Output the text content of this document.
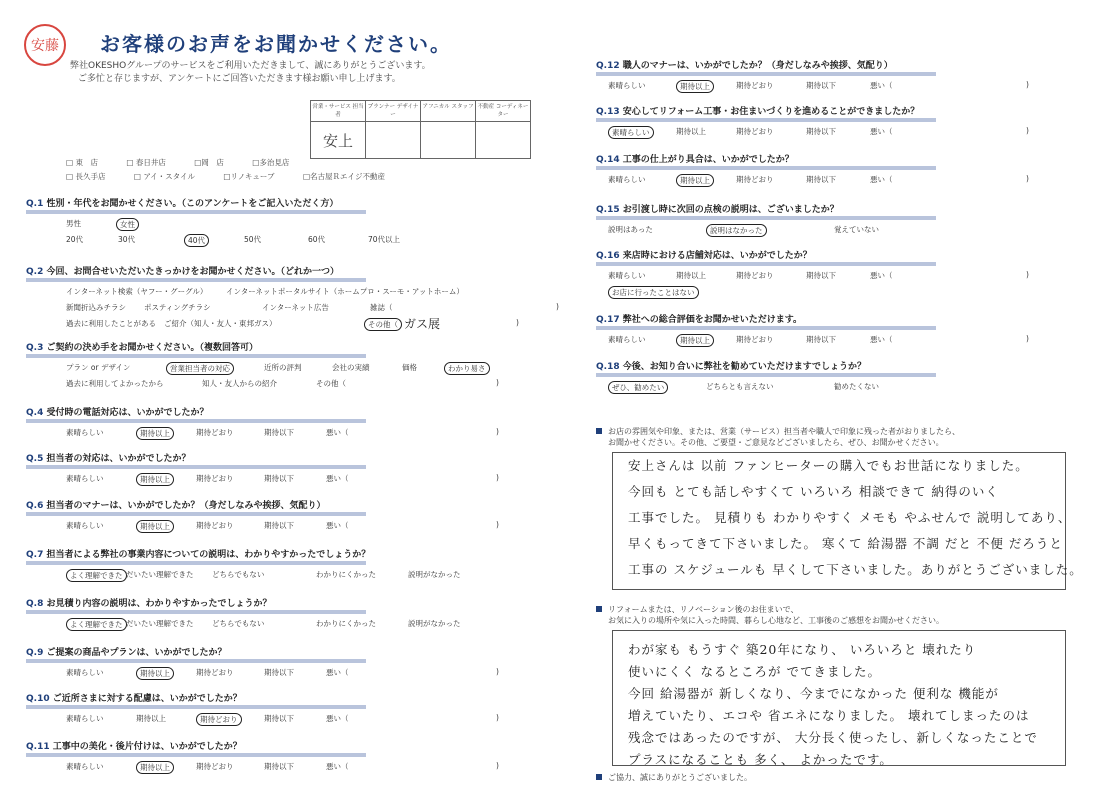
安藤 お客様のお声をお聞かせください。
弊社OKESHOグループのサービスをご利用いただきまして、誠にありがとうございます。
ご多忙と存じますが、アンケートにご回答いただきます様お願い申し上げます。
営業・サービス 担当者	プランナー デザイナー	アフニカル スタッフ	不動産 コーディネーター
安上			
□ 東　店	□ 春日井店	□岡　店	□多治見店
□ 長久手店	□ アイ・スタイル	□リノキューブ	□名古屋Ｒエイジ不動産
Q.1 性別・年代をお聞かせください。（このアンケートをご記入いただく方）
男性	女性
20代	30代	40代	50代	60代	70代以上
Q.2 今回、お問合せいただいたきっかけをお聞かせください。（どれか一つ）
インターネット検索（ヤフー・グーグル） インターネットポータルサイト（ホームプロ・スーモ・アットホーム）
新聞折込みチラシ ポスティングチラシ	インターネット広告	雑誌（	)
過去に利用したことがある ご紹介（知人・友人・東邦ガス）	その他（ ガス展	)
Q.3 ご契約の決め手をお聞かせください。（複数回答可）
プラン or デザイン	営業担当者の対応	近所の評判	会社の実績	価格	わかり易さ
過去に利用してよかったから	知人・友人からの紹介	その他（	)
Q.4 受付時の電話対応は、いかがでしたか？
素晴らしい	期待以上	期待どおり	期待以下	悪い（	)
Q.5 担当者の対応は、いかがでしたか？
素晴らしい	期待以上	期待どおり	期待以下	悪い（	)
Q.6 担当者のマナーは、いかがでしたか？（身だしなみや挨拶、気配り）
素晴らしい	期待以上	期待どおり	期待以下	悪い（	)
Q.7 担当者による弊社の事業内容についての説明は、わかりやすかったでしょうか？
よく理解できた だいたい理解できた どちらでもない	わかりにくかった	説明がなかった
Q.8 お見積り内容の説明は、わかりやすかったでしょうか？
よく理解できた だいたい理解できた どちらでもない	わかりにくかった	説明がなかった
Q.9 ご提案の商品やプランは、いかがでしたか？
素晴らしい	期待以上	期待どおり	期待以下	悪い（	)
Q.10 ご近所さまに対する配慮は、いかがでしたか？
素晴らしい	期待以上	期待どおり	期待以下	悪い（	)
Q.11 工事中の美化・後片付けは、いかがでしたか？
素晴らしい	期待以上	期待どおり	期待以下	悪い（	)
Q.12 職人のマナーは、いかがでしたか？（身だしなみや挨拶、気配り）
素晴らしい	期待以上	期待どおり	期待以下	悪い（	)
Q.13 安心してリフォーム工事・お住まいづくりを進めることができましたか？
素晴らしい	期待以上	期待どおり	期待以下	悪い（	)
Q.14 工事の仕上がり具合は、いかがでしたか？
素晴らしい	期待以上	期待どおり	期待以下	悪い（	)
Q.15 お引渡し時に次回の点検の説明は、ございましたか？
説明はあった	説明はなかった	覚えていない
Q.16 来店時における店舗対応は、いかがでしたか？
素晴らしい	期待以上	期待どおり	期待以下	悪い（	)
お店に行ったことはない
Q.17 弊社への総合評価をお聞かせいただけます。
素晴らしい	期待以上	期待どおり	期待以下	悪い（	)
Q.18 今後、お知り合いに弊社を勧めていただけますでしょうか？
ぜひ、勧めたい	どちらとも言えない	勧めたくない
お店の雰囲気や印象、または、営業（サービス）担当者や職人で印象に残った者がおりましたら、
お聞かせください。その他、ご要望・ご意見などございましたら、ぜひ、お聞かせください。
安上さんは 以前 ファンヒーターの購入でもお世話になりました。
今回も とても話しやすくて いろいろ 相談できて 納得のいく
工事でした。 見積りも わかりやすく メモも やふせんで 説明してあり、
早くもってきて下さいました。 寒くて 給湯器 不調 だと 不便 だろうと
工事の スケジュールも 早くして下さいました。ありがとうございました。
リフォームまたは、リノベーション後のお住まいで、
お気に入りの場所や気に入った時間、暮らし心地など、工事後のご感想をお聞かせください。
わが家も もうすぐ 築20年になり、 いろいろと 壊れたり
使いにくく なるところが でてきました。
今回 給湯器が 新しくなり、今までになかった 便利な 機能が
増えていたり、エコや 省エネになりました。 壊れてしまったのは
残念ではあったのですが、 大分長く使ったし、新しくなったことで
プラスになることも 多く、 よかったです。
ご協力、誠にありがとうございました。
